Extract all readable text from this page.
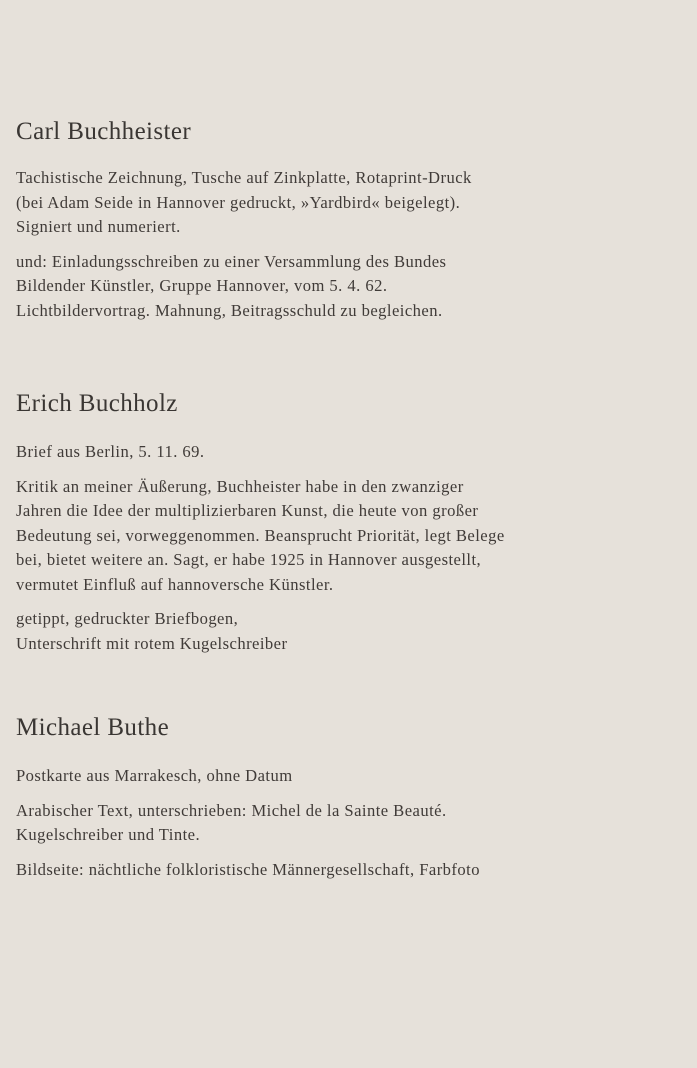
Carl Buchheister

Tachistische Zeichnung, Tusche auf Zinkplatte, Rotaprint-Druck
(bei Adam Seide in Hannover gedruckt, »Yardbird« beigelegt).
Signiert und numeriert.

und: Einladungsschreiben zu einer Versammlung des Bundes
Bildender Künstler, Gruppe Hannover, vom 5. 4. 62.
Lichtbildervortrag. Mahnung, Beitragsschuld zu begleichen.

Erich Buchholz

Brief aus Berlin, 5. 11. 69.

Kritik an meiner Äußerung, Buchheister habe in den zwanziger
Jahren die Idee der multiplizierbaren Kunst, die heute von großer
Bedeutung sei, vorweggenommen. Beansprucht Priorität, legt Belege
bei, bietet weitere an. Sagt, er habe 1925 in Hannover ausgestellt,
vermutet Einfluß auf hannoversche Künstler.

getippt, gedruckter Briefbogen,
Unterschrift mit rotem Kugelschreiber

Michael Buthe

Postkarte aus Marrakesch, ohne Datum

Arabischer Text, unterschrieben: Michel de la Sainte Beauté.
Kugelschreiber und Tinte.

Bildseite: nächtliche folkloristische Männergesellschaft, Farbfoto
